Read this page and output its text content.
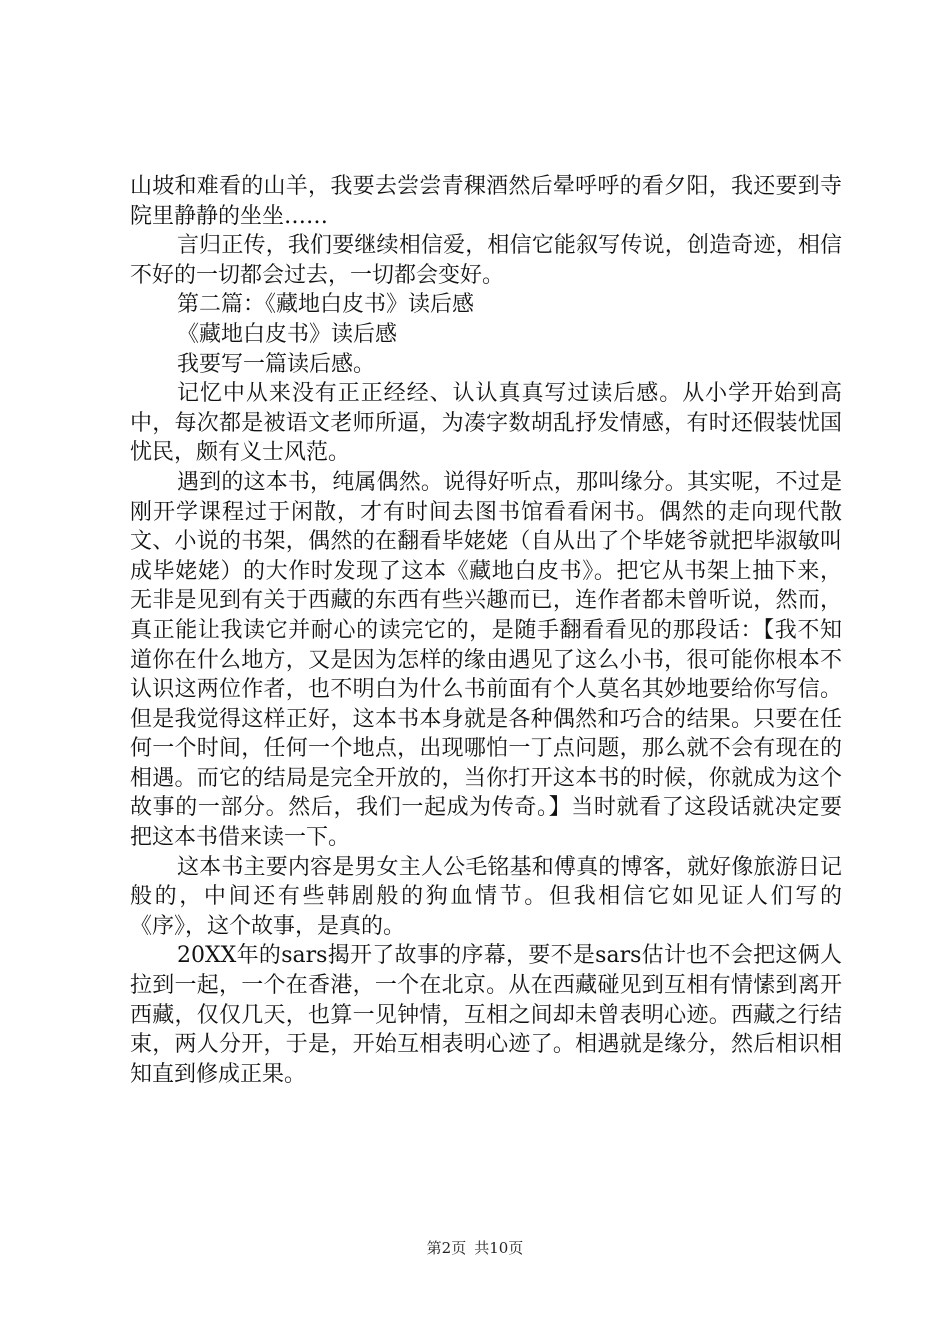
山坡和难看的山羊，我要去尝尝青稞酒然后晕呼呼的看夕阳，我还要到寺院里静静的坐坐……

言归正传，我们要继续相信爱，相信它能叙写传说，创造奇迹，相信不好的一切都会过去，一切都会变好。

第二篇：《藏地白皮书》读后感

《藏地白皮书》读后感

我要写一篇读后感。

记忆中从来没有正正经经、认认真真写过读后感。从小学开始到高中，每次都是被语文老师所逼，为凑字数胡乱抒发情感，有时还假装忧国忧民，颇有义士风范。

遇到的这本书，纯属偶然。说得好听点，那叫缘分。其实呢，不过是刚开学课程过于闲散，才有时间去图书馆看看闲书。偶然的走向现代散文、小说的书架，偶然的在翻看毕姥姥（自从出了个毕姥爷就把毕淑敏叫成毕姥姥）的大作时发现了这本《藏地白皮书》。把它从书架上抽下来，无非是见到有关于西藏的东西有些兴趣而已，连作者都未曾听说，然而，真正能让我读它并耐心的读完它的，是随手翻看看见的那段话：【我不知道你在什么地方，又是因为怎样的缘由遇见了这么小书，很可能你根本不认识这两位作者，也不明白为什么书前面有个人莫名其妙地要给你写信。但是我觉得这样正好，这本书本身就是各种偶然和巧合的结果。只要在任何一个时间，任何一个地点，出现哪怕一丁点问题，那么就不会有现在的相遇。而它的结局是完全开放的，当你打开这本书的时候，你就成为这个故事的一部分。然后，我们一起成为传奇。】当时就看了这段话就决定要把这本书借来读一下。

这本书主要内容是男女主人公毛铭基和傅真的博客，就好像旅游日记般的，中间还有些韩剧般的狗血情节。但我相信它如见证人们写的《序》，这个故事，是真的。

20XX年的sars揭开了故事的序幕，要不是sars估计也不会把这俩人拉到一起，一个在香港，一个在北京。从在西藏碰见到互相有情愫到离开西藏，仅仅几天，也算一见钟情，互相之间却未曾表明心迹。西藏之行结束，两人分开，于是，开始互相表明心迹了。相遇就是缘分，然后相识相知直到修成正果。

第2页 共10页
